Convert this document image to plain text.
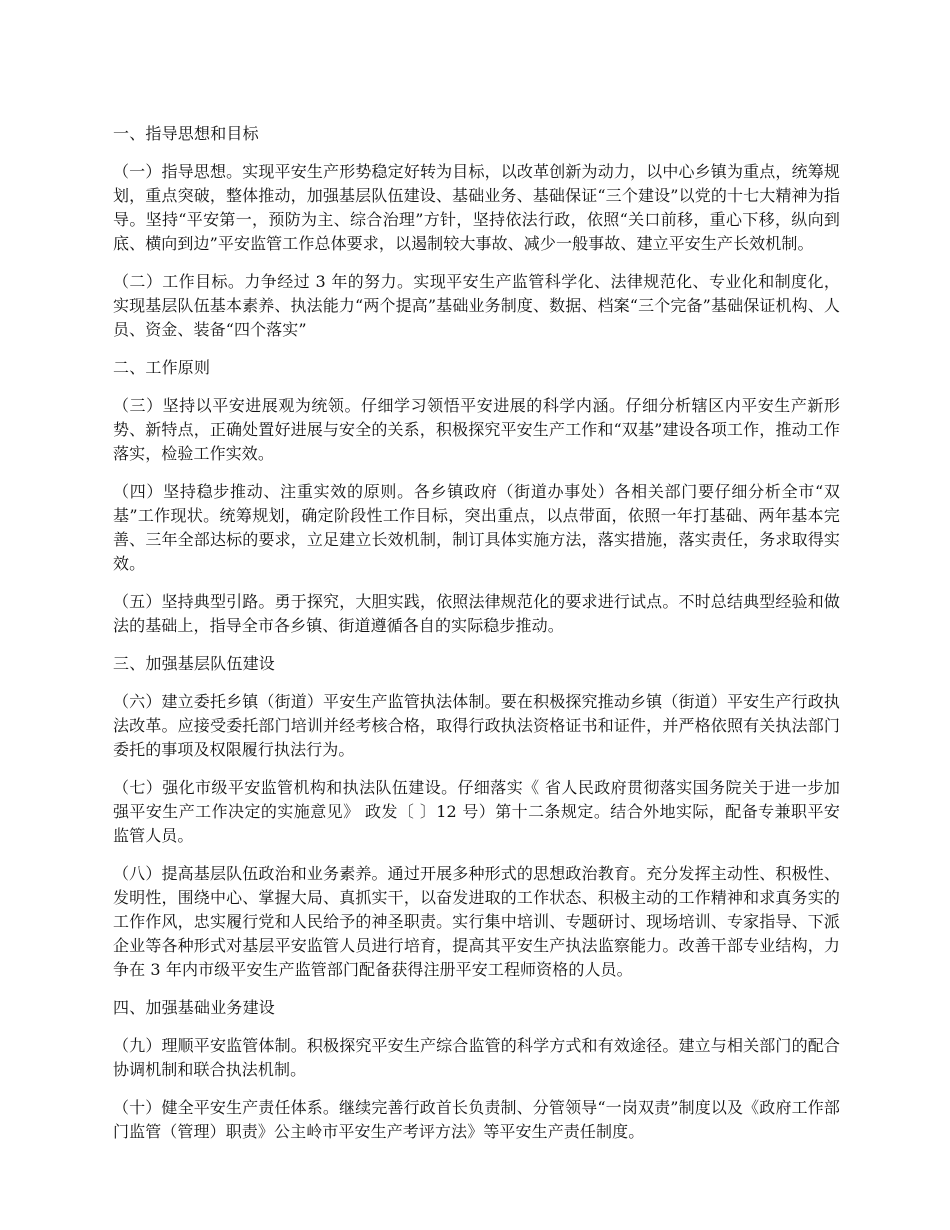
一、指导思想和目标
（一）指导思想。实现平安生产形势稳定好转为目标，以改革创新为动力，以中心乡镇为重点，统筹规划，重点突破，整体推动，加强基层队伍建设、基础业务、基础保证“三个建设”以党的十七大精神为指导。坚持“平安第一，预防为主、综合治理”方针，坚持依法行政，依照“关口前移，重心下移，纵向到底、横向到边”平安监管工作总体要求，以遏制较大事故、减少一般事故、建立平安生产长效机制。
（二）工作目标。力争经过 3 年的努力。实现平安生产监管科学化、法律规范化、专业化和制度化，实现基层队伍基本素养、执法能力“两个提高”基础业务制度、数据、档案“三个完备”基础保证机构、人员、资金、装备“四个落实”
二、工作原则
（三）坚持以平安进展观为统领。仔细学习领悟平安进展的科学内涵。仔细分析辖区内平安生产新形势、新特点，正确处置好进展与安全的关系，积极探究平安生产工作和“双基”建设各项工作，推动工作落实，检验工作实效。
（四）坚持稳步推动、注重实效的原则。各乡镇政府（街道办事处）各相关部门要仔细分析全市“双基”工作现状。统筹规划，确定阶段性工作目标，突出重点，以点带面，依照一年打基础、两年基本完善、三年全部达标的要求，立足建立长效机制，制订具体实施方法，落实措施，落实责任，务求取得实效。
（五）坚持典型引路。勇于探究，大胆实践，依照法律规范化的要求进行试点。不时总结典型经验和做法的基础上，指导全市各乡镇、街道遵循各自的实际稳步推动。
三、加强基层队伍建设
（六）建立委托乡镇（街道）平安生产监管执法体制。要在积极探究推动乡镇（街道）平安生产行政执法改革。应接受委托部门培训并经考核合格，取得行政执法资格证书和证件，并严格依照有关执法部门委托的事项及权限履行执法行为。
（七）强化市级平安监管机构和执法队伍建设。仔细落实《 省人民政府贯彻落实国务院关于进一步加强平安生产工作决定的实施意见》 政发〔 〕12 号）第十二条规定。结合外地实际，配备专兼职平安监管人员。
（八）提高基层队伍政治和业务素养。通过开展多种形式的思想政治教育。充分发挥主动性、积极性、发明性，围绕中心、掌握大局、真抓实干，以奋发进取的工作状态、积极主动的工作精神和求真务实的工作作风，忠实履行党和人民给予的神圣职责。实行集中培训、专题研讨、现场培训、专家指导、下派企业等各种形式对基层平安监管人员进行培育，提高其平安生产执法监察能力。改善干部专业结构，力争在 3 年内市级平安生产监管部门配备获得注册平安工程师资格的人员。
四、加强基础业务建设
（九）理顺平安监管体制。积极探究平安生产综合监管的科学方式和有效途径。建立与相关部门的配合协调机制和联合执法机制。
（十）健全平安生产责任体系。继续完善行政首长负责制、分管领导“一岗双责”制度以及《政府工作部门监管（管理）职责》公主岭市平安生产考评方法》等平安生产责任制度。
